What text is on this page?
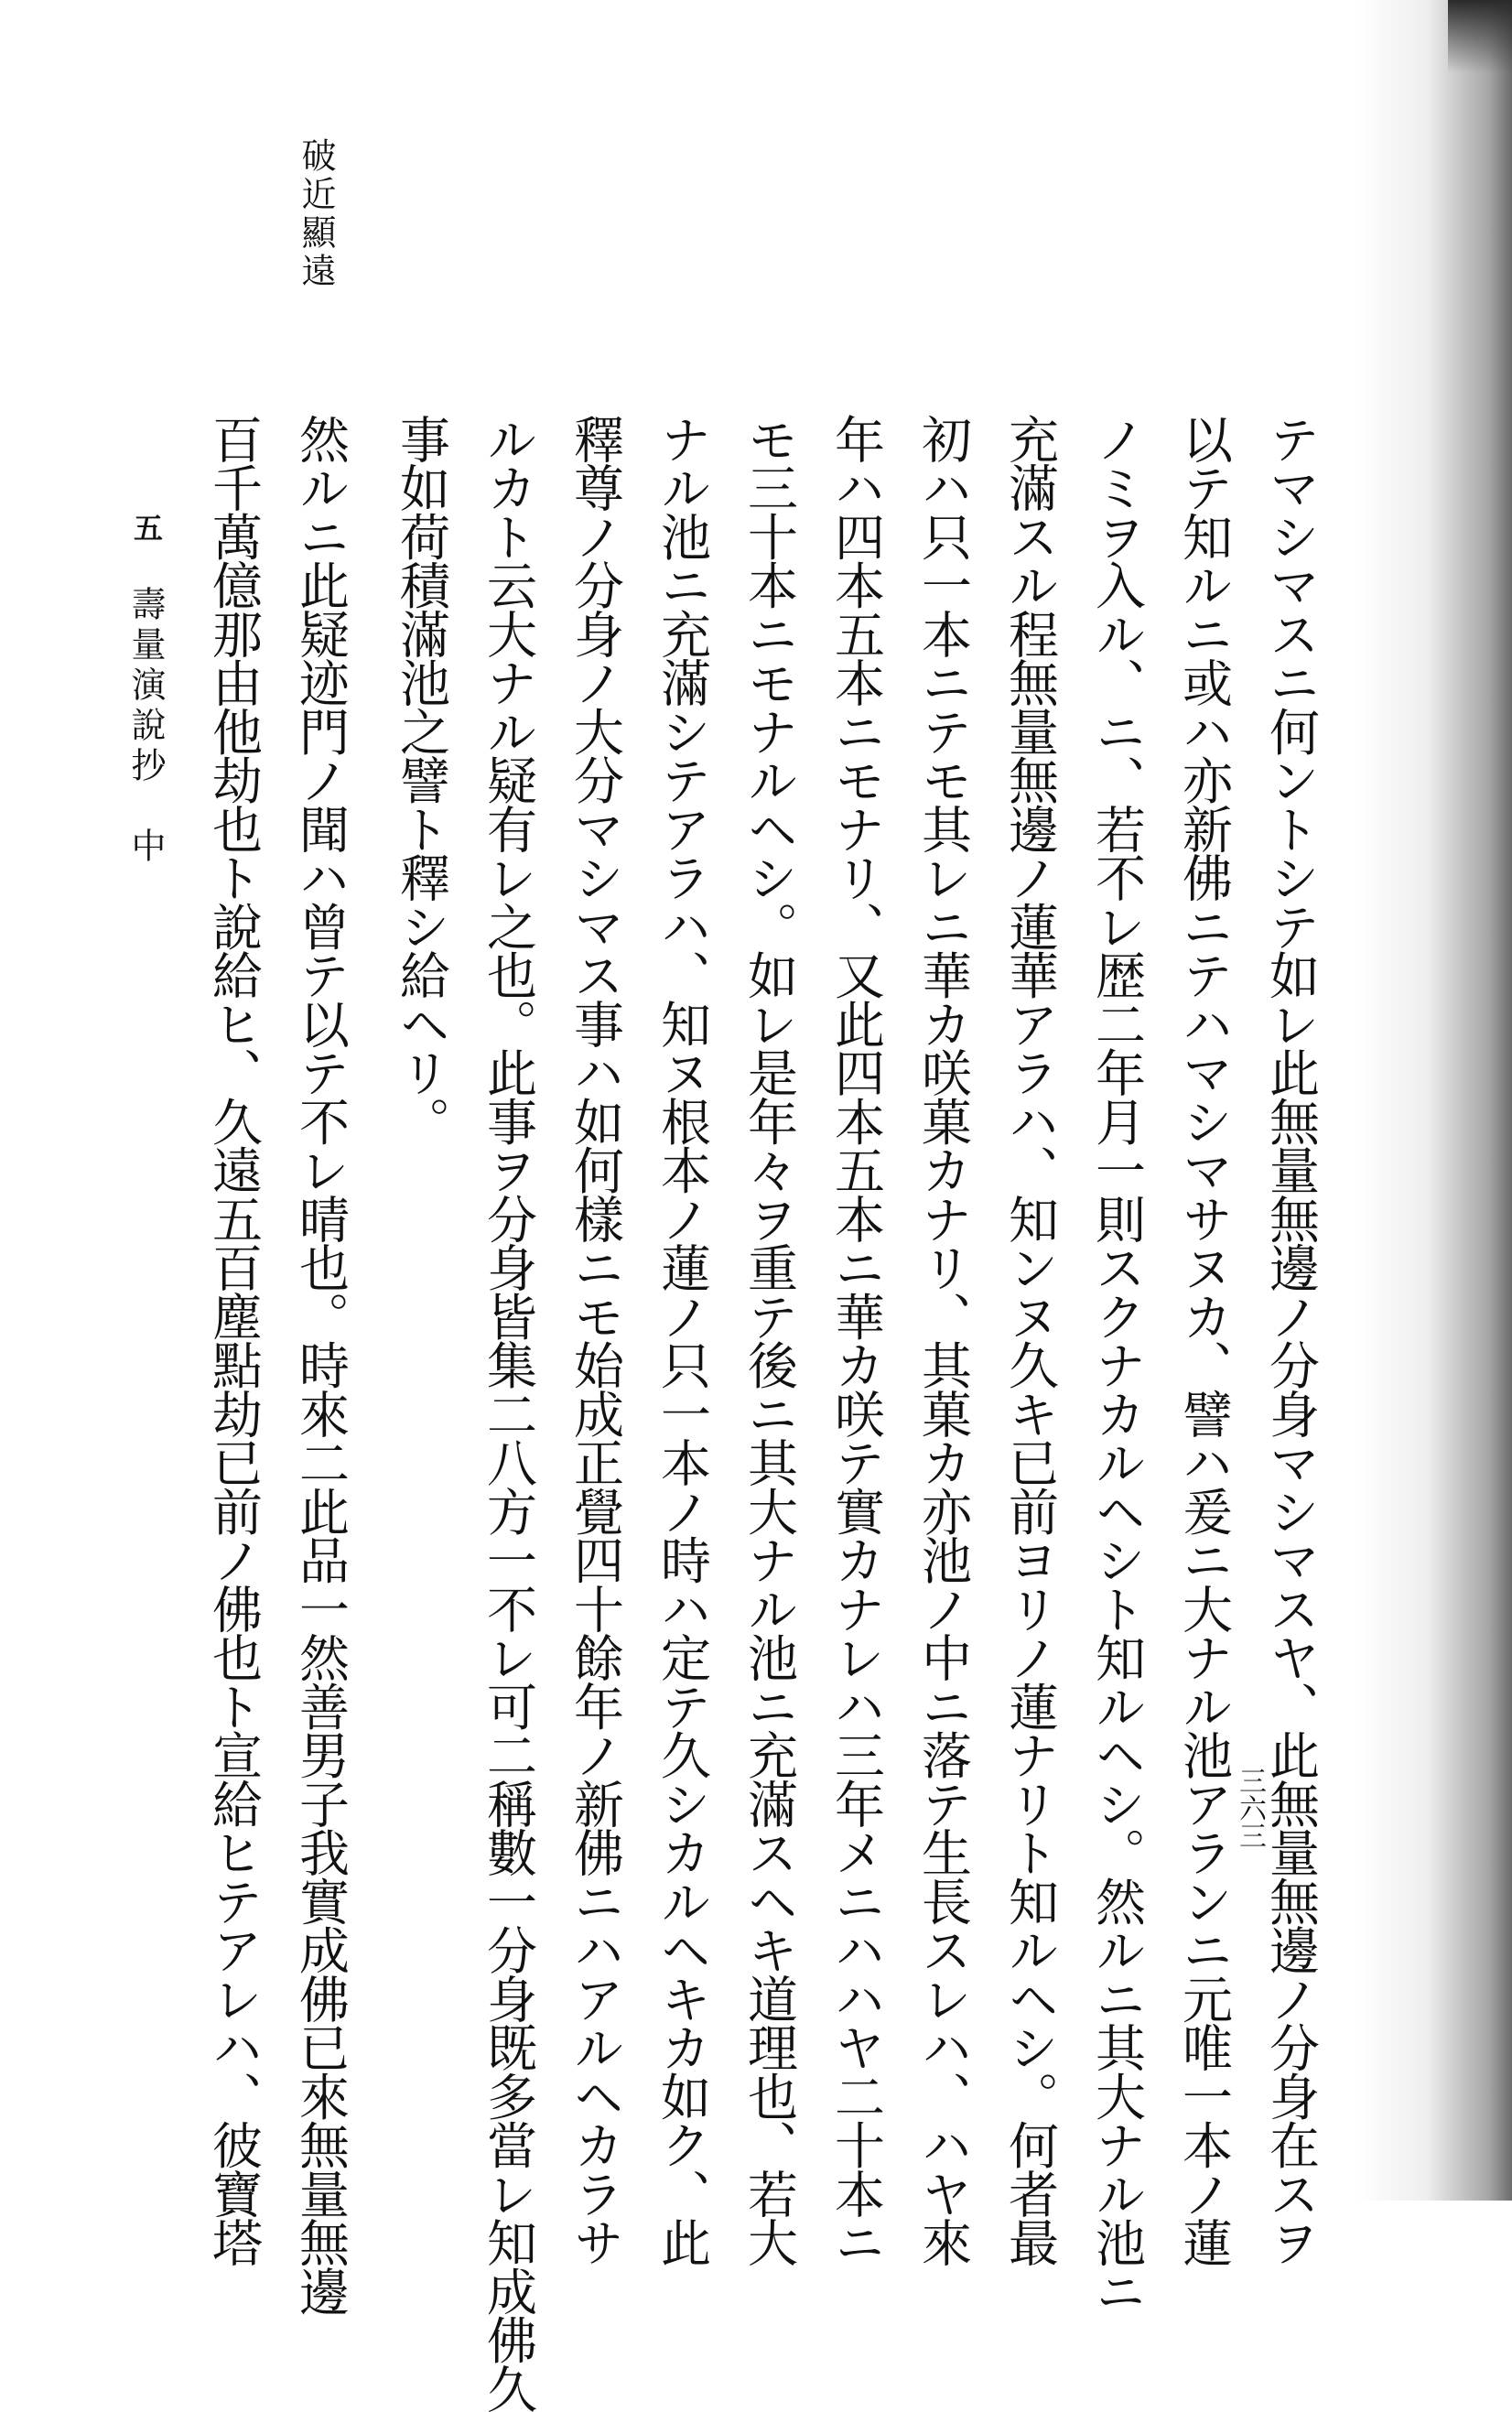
破近顯遠
テマシマスニ何ントシテ如レ此無量無邊ノ分身マシマスヤ、此無量無邊ノ分身在スヲ
以テ知ルニ或ハ亦新佛ニテハマシマサヌカ、譬ハ爰ニ大ナル池アランニ元唯一本ノ蓮
ノミヲ入ル、ニ、若不レ歴二年月一則スクナカルヘシト知ルヘシ。然ルニ其大ナル池ニ
充滿スル程無量無邊ノ蓮華アラハ、知ンヌ久キ已前ヨリノ蓮ナリト知ルヘシ。何者最
初ハ只一本ニテモ其レニ華カ咲菓カナリ、其菓カ亦池ノ中ニ落テ生長スレハ、ハヤ來
年ハ四本五本ニモナリ、又此四本五本ニ華カ咲テ實カナレハ三年メニハハヤ二十本ニ
モ三十本ニモナルヘシ。如レ是年々ヲ重テ後ニ其大ナル池ニ充滿スヘキ道理也、若大
ナル池ニ充滿シテアラハ、知ヌ根本ノ蓮ノ只一本ノ時ハ定テ久シカルヘキカ如ク、此
釋尊ノ分身ノ大分マシマス事ハ如何樣ニモ始成正覺四十餘年ノ新佛ニハアルヘカラサ
ルカト云大ナル疑有レ之也。此事ヲ分身皆集二八方一不レ可二稱數一分身既多當レ知成佛久
事如荷積滿池之譬ト釋シ給ヘリ。
然ルニ此疑迹門ノ聞ハ曾テ以テ不レ晴也。時來二此品一然善男子我實成佛已來無量無邊
百千萬億那由他劫也ト說給ヒ、久遠五百塵點劫已前ノ佛也ト宣給ヒテアレハ、彼寶塔
五
壽量演說抄　中
三六三
